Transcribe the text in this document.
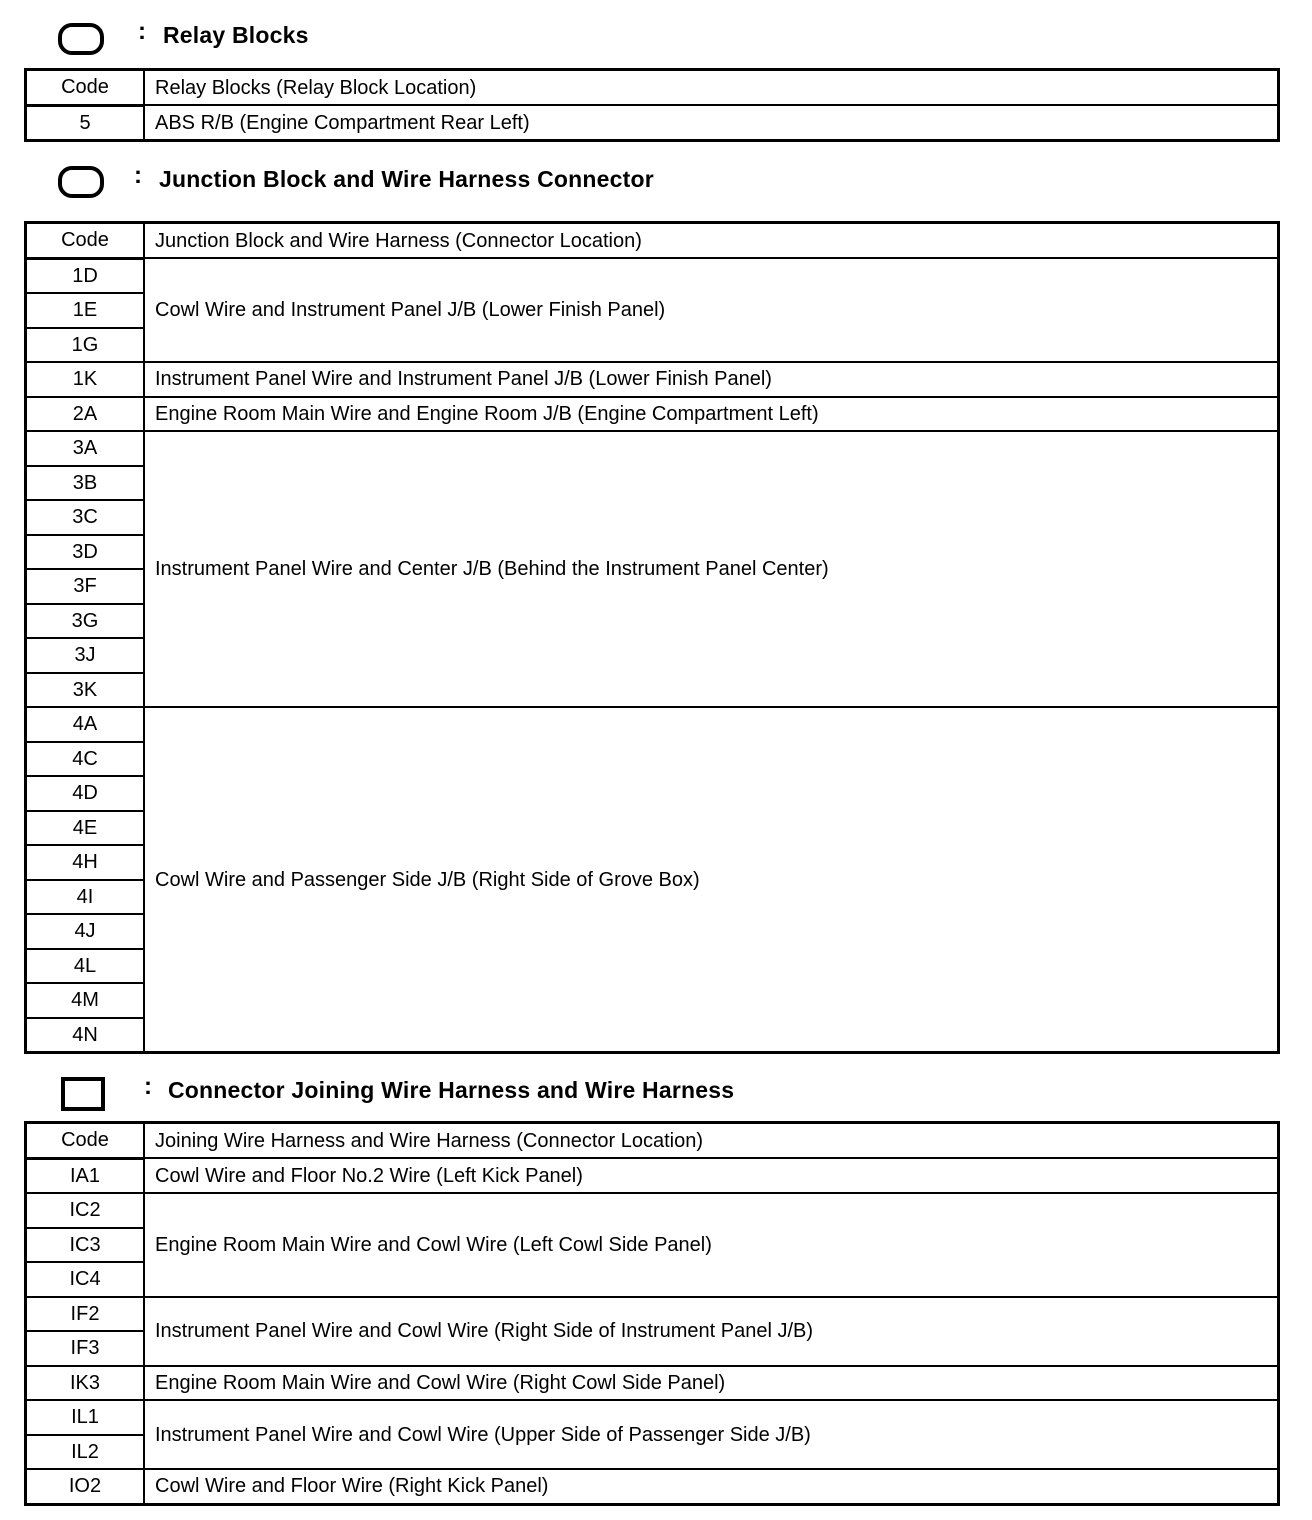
: Relay Blocks
Code	Relay Blocks (Relay Block Location)
5	ABS R/B (Engine Compartment Rear Left)
: Junction Block and Wire Harness Connector
Code	Junction Block and Wire Harness (Connector Location)
1D	Cowl Wire and Instrument Panel J/B (Lower Finish Panel)
1E	
1G	
1K	Instrument Panel Wire and Instrument Panel J/B (Lower Finish Panel)
2A	Engine Room Main Wire and Engine Room J/B (Engine Compartment Left)
3A	Instrument Panel Wire and Center J/B (Behind the Instrument Panel Center)
3B	
3C	
3D	
3F	
3G	
3J	
3K	
4A	Cowl Wire and Passenger Side J/B (Right Side of Grove Box)
4C	
4D	
4E	
4H	
4I	
4J	
4L	
4M	
4N	
: Connector Joining Wire Harness and Wire Harness
Code	Joining Wire Harness and Wire Harness (Connector Location)
IA1	Cowl Wire and Floor No.2 Wire (Left Kick Panel)
IC2	Engine Room Main Wire and Cowl Wire (Left Cowl Side Panel)
IC3	
IC4	
IF2	Instrument Panel Wire and Cowl Wire (Right Side of Instrument Panel J/B)
IF3	
IK3	Engine Room Main Wire and Cowl Wire (Right Cowl Side Panel)
IL1	Instrument Panel Wire and Cowl Wire (Upper Side of Passenger Side J/B)
IL2	
IO2	Cowl Wire and Floor Wire (Right Kick Panel)
